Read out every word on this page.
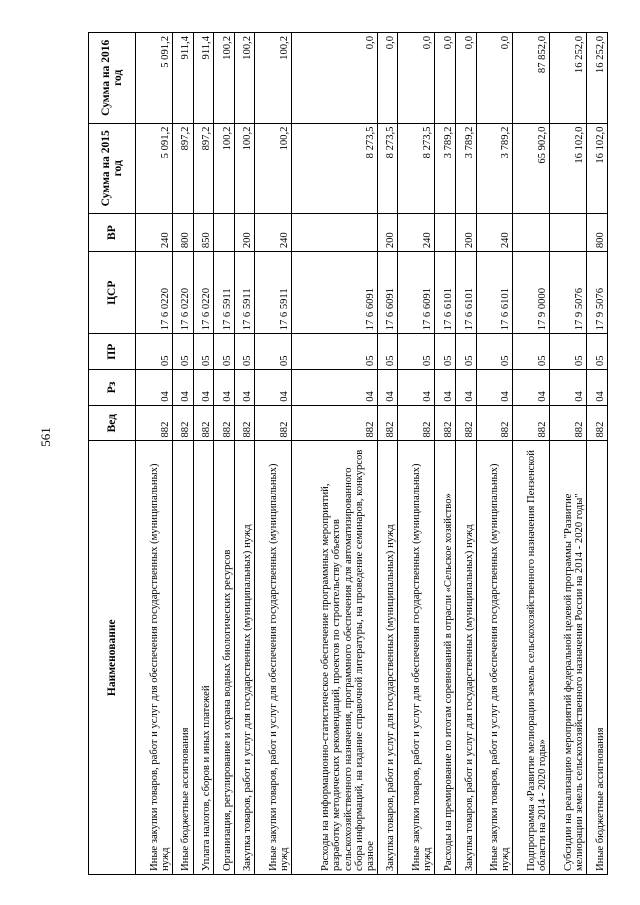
561
Наименование	Вед	Рз	ПР	ЦСР	ВР	Сумма на 2015 год	Сумма на 2016 год
Иные закупки товаров, работ и услуг для обеспечения государственных (муниципальных) нужд	882	04	05	17 6 0220	240	5 091,2	5 091,2
Иные бюджетные ассигнования	882	04	05	17 6 0220	800	897,2	911,4
Уплата налогов, сборов и иных платежей	882	04	05	17 6 0220	850	897,2	911,4
Организация, регулирование и охрана водных биологических ресурсов	882	04	05	17 6 5911		100,2	100,2
Закупка товаров, работ и услуг для государственных (муниципальных) нужд	882	04	05	17 6 5911	200	100,2	100,2
Иные закупки товаров, работ и услуг для обеспечения государственных (муниципальных) нужд	882	04	05	17 6 5911	240	100,2	100,2
Расходы на информационно-статистическое обеспечение программных мероприятий, разработку методических рекомендаций, проектов по строительству объектов сельскохозяйственного назначения, программного обеспечения для автоматизированного сбора информаций, на издание справочной литературы, на проведение семинаров, конкурсов разное	882	04	05	17 6 6091		8 273,5	0,0
Закупка товаров, работ и услуг для государственных (муниципальных) нужд	882	04	05	17 6 6091	200	8 273,5	0,0
Иные закупки товаров, работ и услуг для обеспечения государственных (муниципальных) нужд	882	04	05	17 6 6091	240	8 273,5	0,0
Расходы на премирование по итогам соревнований в отрасли «Сельское хозяйство»	882	04	05	17 6 6101		3 789,2	0,0
Закупка товаров, работ и услуг для государственных (муниципальных) нужд	882	04	05	17 6 6101	200	3 789,2	0,0
Иные закупки товаров, работ и услуг для обеспечения государственных (муниципальных) нужд	882	04	05	17 6 6101	240	3 789,2	0,0
Подпрограмма «Развитие мелиорации земель сельскохозяйственного назначения Пензенской области на 2014 - 2020 годы»	882	04	05	17 9 0000		65 902,0	87 852,0
Субсидии на реализацию мероприятий федеральной целевой программы "Развитие мелиорации земель сельскохозяйственного назначения России на 2014 - 2020 годы"	882	04	05	17 9 5076		16 102,0	16 252,0
Иные бюджетные ассигнования	882	04	05	17 9 5076	800	16 102,0	16 252,0
